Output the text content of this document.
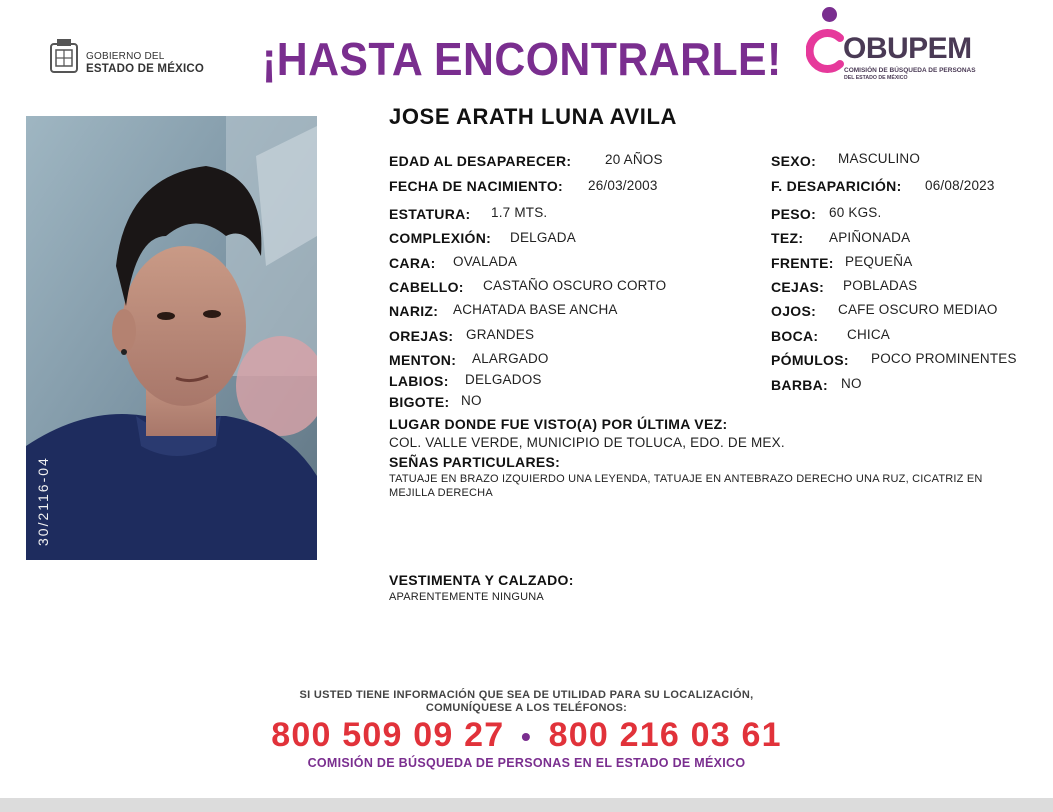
GOBIERNO DEL
ESTADO DE MÉXICO ¡HASTA ENCONTRARLE! OBUPEM
COMISIÓN DE BÚSQUEDA DE PERSONAS
DEL ESTADO DE MÉXICO
30/2116-04
JOSE ARATH LUNA AVILA
EDAD AL DESAPARECER: 20 AÑOS
FECHA DE NACIMIENTO: 26/03/2003
ESTATURA: 1.7 MTS.
COMPLEXIÓN: DELGADA
CARA: OVALADA
CABELLO: CASTAÑO OSCURO CORTO
NARIZ: ACHATADA BASE ANCHA
OREJAS: GRANDES
MENTON: ALARGADO
LABIOS: DELGADOS
BIGOTE: NO
SEXO: MASCULINO
F. DESAPARICIÓN: 06/08/2023
PESO: 60 KGS.
TEZ: APIÑONADA
FRENTE: PEQUEÑA
CEJAS: POBLADAS
OJOS: CAFE OSCURO MEDIAO
BOCA: CHICA
PÓMULOS: POCO PROMINENTES
BARBA: NO
LUGAR DONDE FUE VISTO(A) POR ÚLTIMA VEZ:
COL. VALLE VERDE, MUNICIPIO DE TOLUCA, EDO. DE MEX.
SEÑAS PARTICULARES:
TATUAJE EN BRAZO IZQUIERDO UNA LEYENDA, TATUAJE EN ANTEBRAZO DERECHO UNA RUZ, CICATRIZ EN
MEJILLA DERECHA
VESTIMENTA Y CALZADO:
APARENTEMENTE NINGUNA
SI USTED TIENE INFORMACIÓN QUE SEA DE UTILIDAD PARA SU LOCALIZACIÓN,
COMUNÍQUESE A LOS TELÉFONOS:
800 509 09 27 • 800 216 03 61
COMISIÓN DE BÚSQUEDA DE PERSONAS EN EL ESTADO DE MÉXICO
